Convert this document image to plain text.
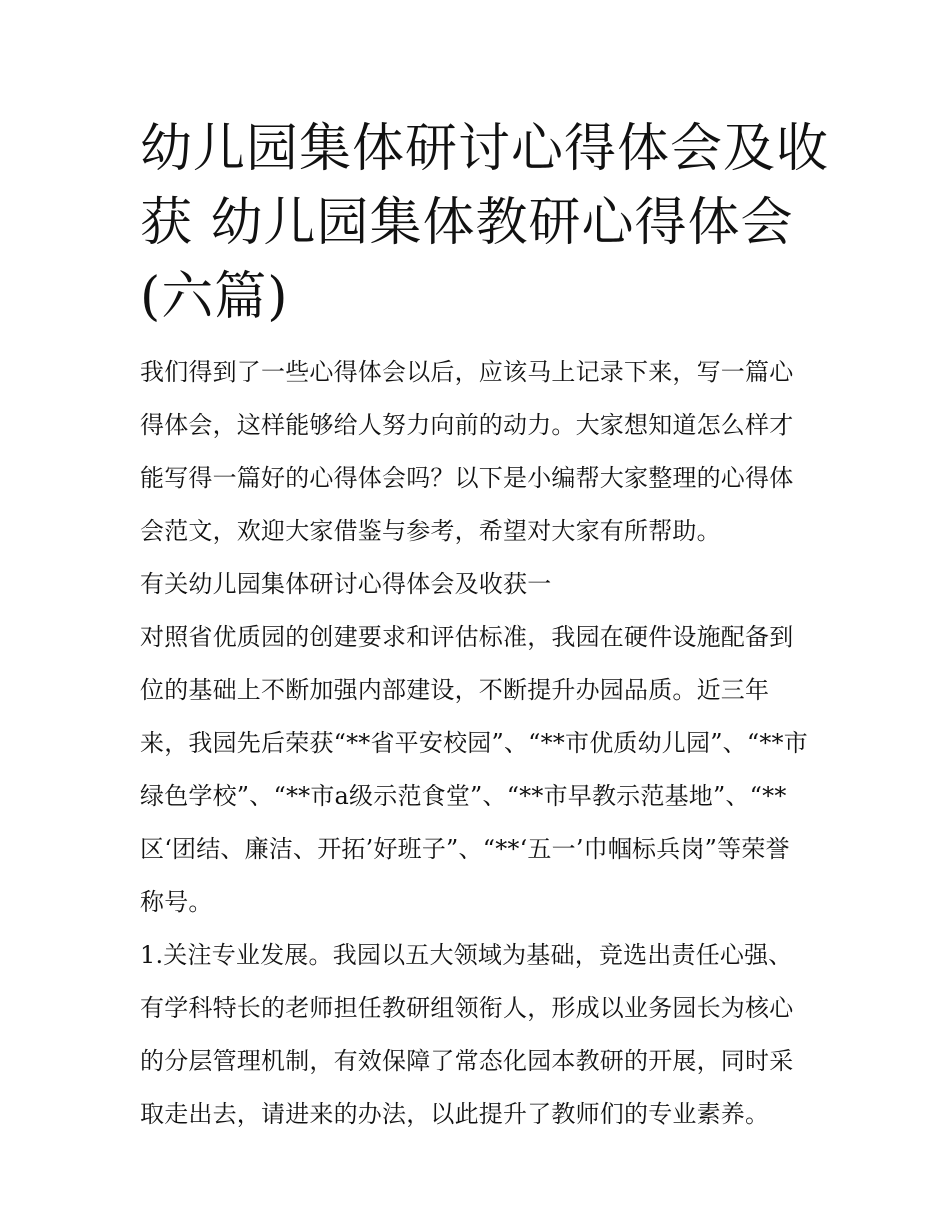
幼儿园集体研讨心得体会及收
获 幼儿园集体教研心得体会
(六篇)

我们得到了一些心得体会以后，应该马上记录下来，写一篇心
得体会，这样能够给人努力向前的动力。大家想知道怎么样才
能写得一篇好的心得体会吗？以下是小编帮大家整理的心得体
会范文，欢迎大家借鉴与参考，希望对大家有所帮助。

有关幼儿园集体研讨心得体会及收获一

对照省优质园的创建要求和评估标准，我园在硬件设施配备到
位的基础上不断加强内部建设，不断提升办园品质。近三年
来，我园先后荣获“**省平安校园”、“**市优质幼儿园”、“**市
绿色学校”、“**市a级示范食堂”、“**市早教示范基地”、“**
区‘团结、廉洁、开拓’好班子”、“**‘五一’巾帼标兵岗”等荣誉
称号。

1.关注专业发展。我园以五大领域为基础，竞选出责任心强、
有学科特长的老师担任教研组领衔人，形成以业务园长为核心
的分层管理机制，有效保障了常态化园本教研的开展，同时采
取走出去，请进来的办法，以此提升了教师们的专业素养。
